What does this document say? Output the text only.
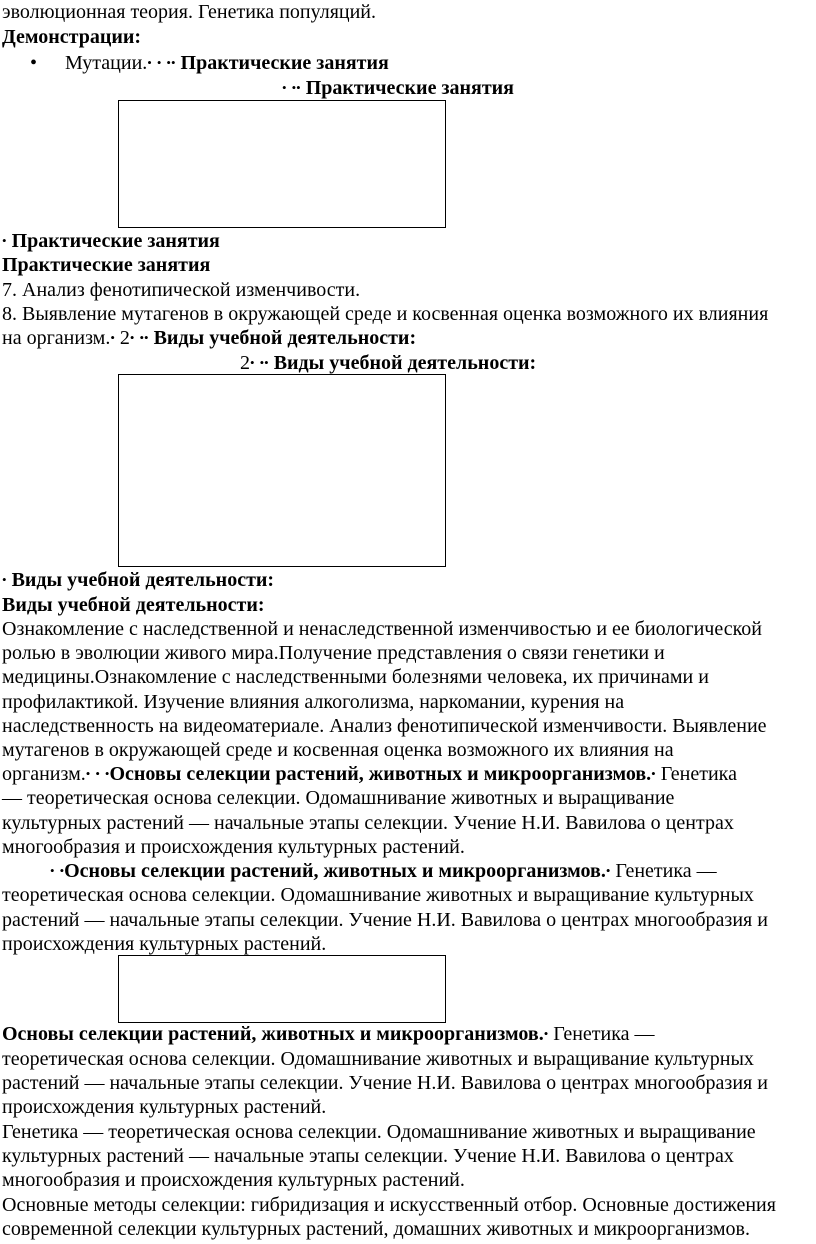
эволюционная теория. Генетика популяций.
Демонстрации:
• Мутации.• • •• Практические занятия
• •• Практические занятия
• Практические занятия
Практические занятия
7. Анализ фенотипической изменчивости.
8. Выявление мутагенов в окружающей среде и косвенная оценка возможного их влияния
на организм.• 2• •• Виды учебной деятельности:
2• •• Виды учебной деятельности:
• Виды учебной деятельности:
Виды учебной деятельности:
Ознакомление с наследственной и ненаследственной изменчивостью и ее биологической
ролью в эволюции живого мира.Получение представления о связи генетики и
медицины.Ознакомление с наследственными болезнями человека, их причинами и
профилактикой. Изучение влияния алкоголизма, наркомании, курения на
наследственность на видеоматериале. Анализ фенотипической изменчивости. Выявление
мутагенов в окружающей среде и косвенная оценка возможного их влияния на
организм.• • •Основы селекции растений, животных и микроорганизмов.• Генетика
— теоретическая основа селекции. Одомашнивание животных и выращивание
культурных растений — начальные этапы селекции. Учение Н.И. Вавилова о центрах
многообразия и происхождения культурных растений.
• •Основы селекции растений, животных и микроорганизмов.• Генетика —
теоретическая основа селекции. Одомашнивание животных и выращивание культурных
растений — начальные этапы селекции. Учение Н.И. Вавилова о центрах многообразия и
происхождения культурных растений.
Основы селекции растений, животных и микроорганизмов.• Генетика —
теоретическая основа селекции. Одомашнивание животных и выращивание культурных
растений — начальные этапы селекции. Учение Н.И. Вавилова о центрах многообразия и
происхождения культурных растений.
Генетика — теоретическая основа селекции. Одомашнивание животных и выращивание
культурных растений — начальные этапы селекции. Учение Н.И. Вавилова о центрах
многообразия и происхождения культурных растений.
Основные методы селекции: гибридизация и искусственный отбор. Основные достижения
современной селекции культурных растений, домашних животных и микроорганизмов.
